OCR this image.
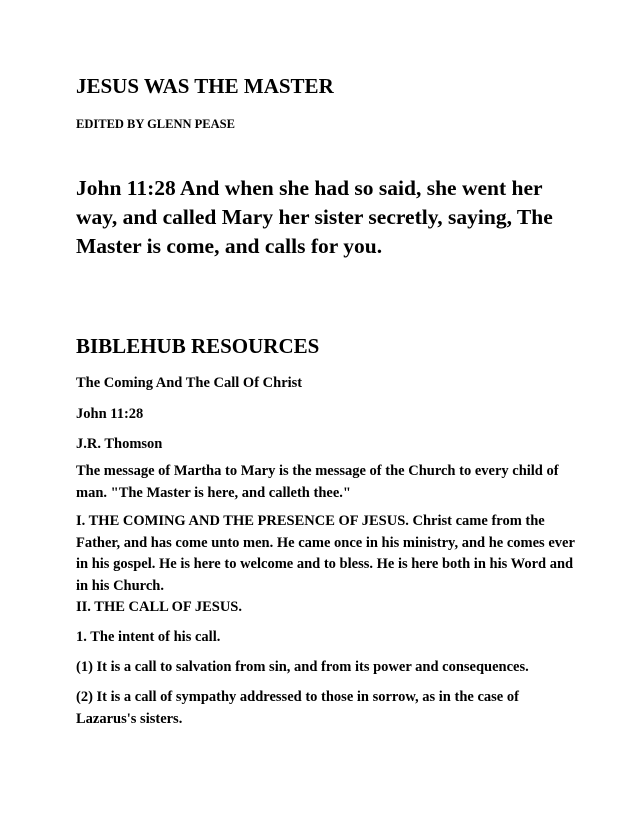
JESUS WAS THE MASTER
EDITED BY GLENN PEASE

John 11:28 And when she had so said, she went her way, and called Mary her sister secretly, saying, The Master is come, and calls for you.

BIBLEHUB RESOURCES

The Coming And The Call Of Christ

John 11:28

J.R. Thomson

The message of Martha to Mary is the message of the Church to every child of man. "The Master is here, and calleth thee."

I. THE COMING AND THE PRESENCE OF JESUS. Christ came from the Father, and has come unto men. He came once in his ministry, and he comes ever in his gospel. He is here to welcome and to bless. He is here both in his Word and in his Church.

II. THE CALL OF JESUS.

1. The intent of his call.

(1) It is a call to salvation from sin, and from its power and consequences.

(2) It is a call of sympathy addressed to those in sorrow, as in the case of Lazarus's sisters.
